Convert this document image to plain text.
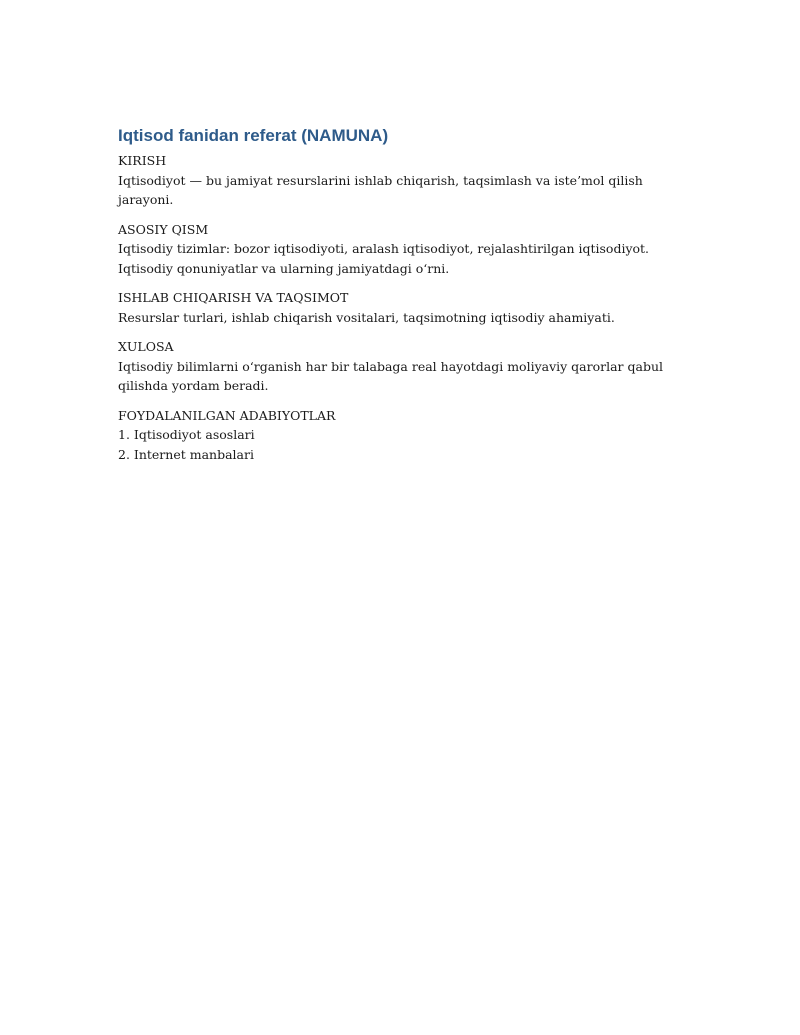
Iqtisod fanidan referat (NAMUNA)

KIRISH

Iqtisodiyot — bu jamiyat resurslarini ishlab chiqarish, taqsimlash va iste’mol qilish jarayoni.

ASOSIY QISM

Iqtisodiy tizimlar: bozor iqtisodiyoti, aralash iqtisodiyot, rejalashtirilgan iqtisodiyot. Iqtisodiy qonuniyatlar va ularning jamiyatdagi o‘rni.

ISHLAB CHIQARISH VA TAQSIMOT

Resurslar turlari, ishlab chiqarish vositalari, taqsimotning iqtisodiy ahamiyati.

XULOSA

Iqtisodiy bilimlarni o‘rganish har bir talabaga real hayotdagi moliyaviy qarorlar qabul qilishda yordam beradi.

FOYDALANILGAN ADABIYOTLAR

1. Iqtisodiyot asoslari
2. Internet manbalari
